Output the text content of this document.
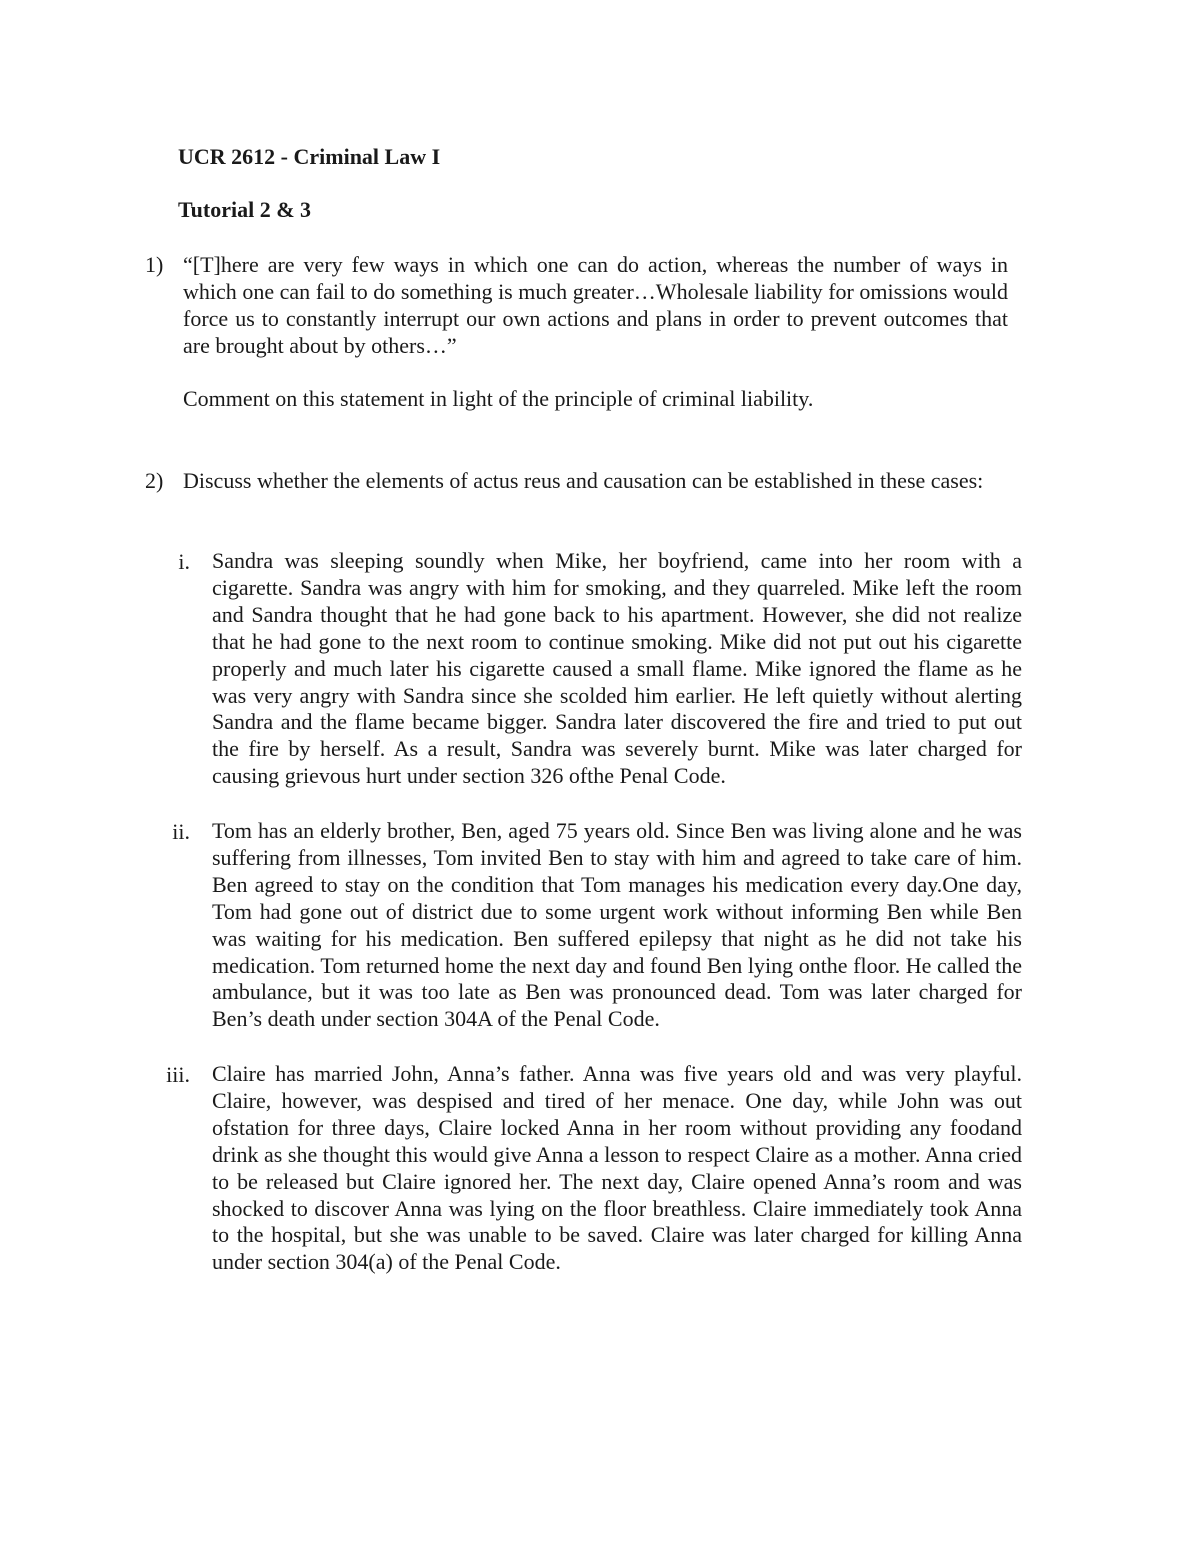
UCR 2612 - Criminal Law I
Tutorial 2 & 3
1) “[T]here are very few ways in which one can do action, whereas the number of ways in which one can fail to do something is much greater…Wholesale liability for omissions would force us to constantly interrupt our own actions and plans in order to prevent outcomes that are brought about by others…”

Comment on this statement in light of the principle of criminal liability.

2) Discuss whether the elements of actus reus and causation can be established in these cases:

i. Sandra was sleeping soundly when Mike, her boyfriend, came into her room with a cigarette. Sandra was angry with him for smoking, and they quarreled. Mike left the room and Sandra thought that he had gone back to his apartment. However, she did not realize that he had gone to the next room to continue smoking. Mike did not put out his cigarette properly and much later his cigarette caused a small flame. Mike ignored the flame as he was very angry with Sandra since she scolded him earlier. He left quietly without alerting Sandra and the flame became bigger. Sandra later discovered the fire and tried to put out the fire by herself. As a result, Sandra was severely burnt. Mike was later charged for causing grievous hurt under section 326 ofthe Penal Code.

ii. Tom has an elderly brother, Ben, aged 75 years old. Since Ben was living alone and he was suffering from illnesses, Tom invited Ben to stay with him and agreed to take care of him. Ben agreed to stay on the condition that Tom manages his medication every day.One day, Tom had gone out of district due to some urgent work without informing Ben while Ben was waiting for his medication. Ben suffered epilepsy that night as he did not take his medication. Tom returned home the next day and found Ben lying onthe floor. He called the ambulance, but it was too late as Ben was pronounced dead. Tom was later charged for Ben’s death under section 304A of the Penal Code.

iii. Claire has married John, Anna’s father. Anna was five years old and was very playful. Claire, however, was despised and tired of her menace. One day, while John was out ofstation for three days, Claire locked Anna in her room without providing any foodand drink as she thought this would give Anna a lesson to respect Claire as a mother. Anna cried to be released but Claire ignored her. The next day, Claire opened Anna’s room and was shocked to discover Anna was lying on the floor breathless. Claire immediately took Anna to the hospital, but she was unable to be saved. Claire was later charged for killing Anna under section 304(a) of the Penal Code.
